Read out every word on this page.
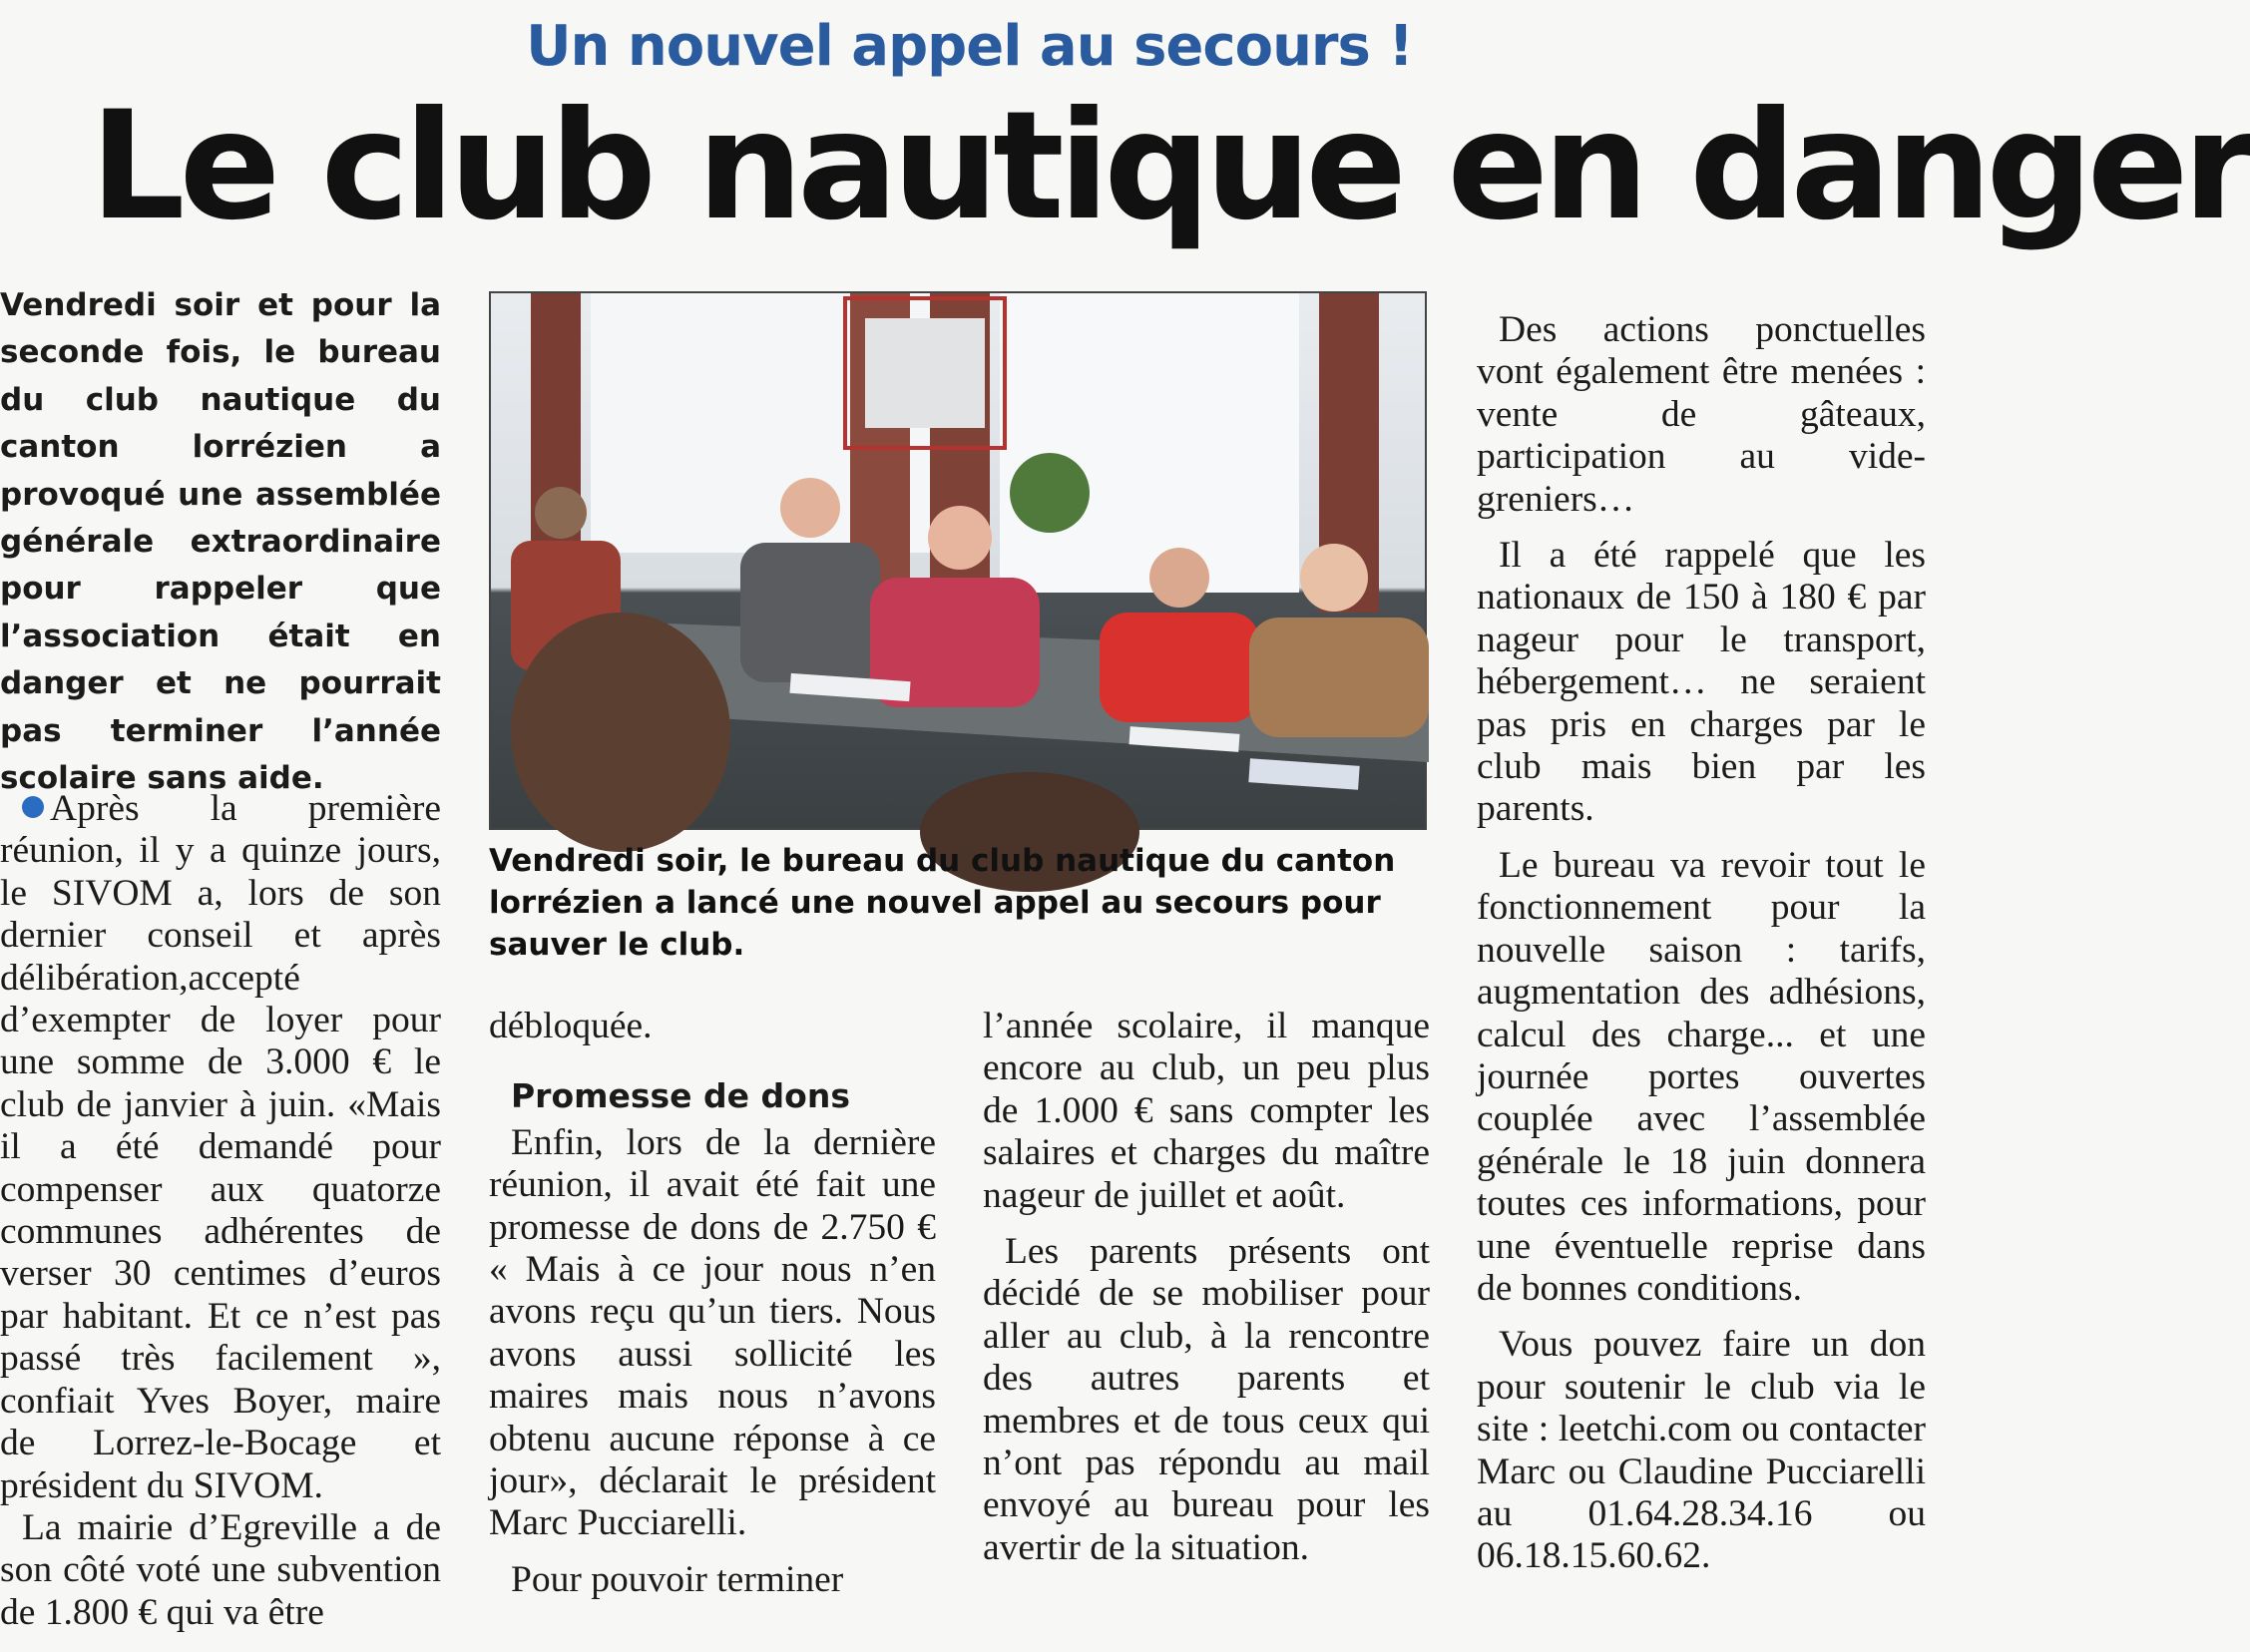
Un nouvel appel au secours !
Le club nautique en danger

Vendredi soir et pour la seconde fois, le bureau du club nautique du canton lorrézien a provoqué une assemblée générale extraordinaire pour rappeler que l’association était en danger et ne pourrait pas terminer l’année scolaire sans aide.

Vendredi soir, le bureau du club nautique du canton lorrézien a lancé une nouvel appel au secours pour sauver le club.

Après la première réunion, il y a quinze jours, le SIVOM a, lors de son dernier conseil et après délibération,accepté d’exempter de loyer pour une somme de 3.000 € le club de janvier à juin. «Mais il a été demandé pour compenser aux quatorze communes adhérentes de verser 30 centimes d’euros par habitant. Et ce n’est pas passé très facilement », confiait Yves Boyer, maire de Lorrez-le-Bocage et président du SIVOM.

La mairie d’Egreville a de son côté voté une subvention de 1.800 € qui va être

débloquée.

Promesse de dons

Enfin, lors de la dernière réunion, il avait été fait une promesse de dons de 2.750 € « Mais à ce jour nous n’en avons reçu qu’un tiers. Nous avons aussi sollicité les maires mais nous n’avons obtenu aucune réponse à ce jour», déclarait le président Marc Pucciarelli.

Pour pouvoir terminer

l’année scolaire, il manque encore au club, un peu plus de 1.000 € sans compter les salaires et charges du maître nageur de juillet et août.

Les parents présents ont décidé de se mobiliser pour aller au club, à la rencontre des autres parents et membres et de tous ceux qui n’ont pas répondu au mail envoyé au bureau pour les avertir de la situation.

Des actions ponctuelles vont également être menées : vente de gâteaux, participation au vide-greniers…

Il a été rappelé que les nationaux de 150 à 180 € par nageur pour le transport, hébergement… ne seraient pas pris en charges par le club mais bien par les parents.

Le bureau va revoir tout le fonctionnement pour la nouvelle saison : tarifs, augmentation des adhésions, calcul des charge... et une journée portes ouvertes couplée avec l’assemblée générale le 18 juin donnera toutes ces informations, pour une éventuelle reprise dans de bonnes conditions.

Vous pouvez faire un don pour soutenir le club via le site : leetchi.com ou contacter Marc ou Claudine Pucciarelli au 01.64.28.34.16 ou 06.18.15.60.62.
